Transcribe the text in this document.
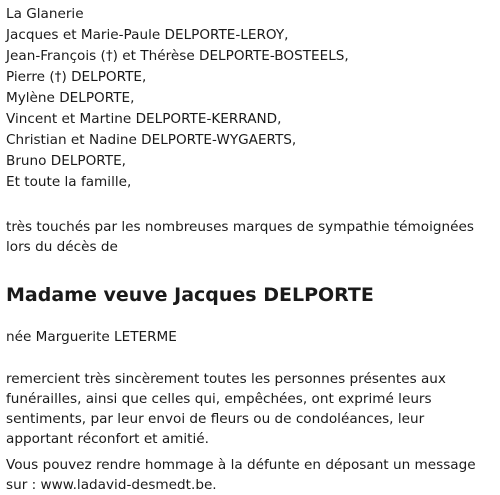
La Glanerie
Jacques et Marie-Paule DELPORTE-LEROY,
Jean-François (†) et Thérèse DELPORTE-BOSTEELS,
Pierre (†) DELPORTE,
Mylène DELPORTE,
Vincent et Martine DELPORTE-KERRAND,
Christian et Nadine DELPORTE-WYGAERTS,
Bruno DELPORTE,
Et toute la famille,
très touchés par les nombreuses marques de sympathie témoignées lors du décès de
Madame veuve Jacques DELPORTE
née Marguerite LETERME
remercient très sincèrement toutes les personnes présentes aux funérailles, ainsi que celles qui, empêchées, ont exprimé leurs sentiments, par leur envoi de fleurs ou de condoléances, leur apportant réconfort et amitié.
Vous pouvez rendre hommage à la défunte en déposant un message sur : www.ladavid-desmedt.be.
